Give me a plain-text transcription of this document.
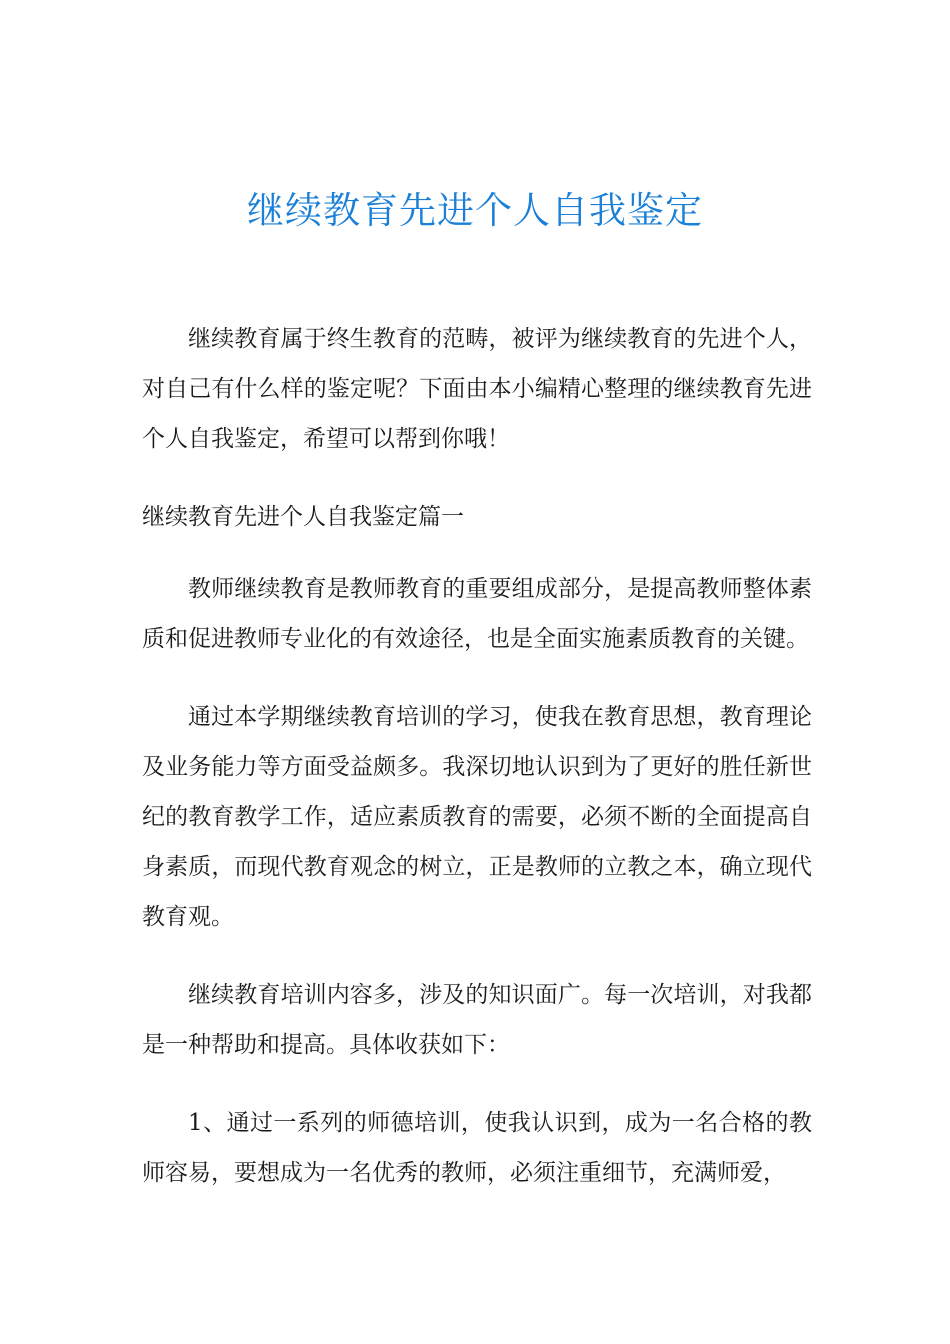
继续教育先进个人自我鉴定

继续教育属于终生教育的范畴，被评为继续教育的先进个人，对自己有什么样的鉴定呢？下面由本小编精心整理的继续教育先进个人自我鉴定，希望可以帮到你哦！

继续教育先进个人自我鉴定篇一

教师继续教育是教师教育的重要组成部分，是提高教师整体素质和促进教师专业化的有效途径，也是全面实施素质教育的关键。

通过本学期继续教育培训的学习，使我在教育思想，教育理论及业务能力等方面受益颇多。我深切地认识到为了更好的胜任新世纪的教育教学工作，适应素质教育的需要，必须不断的全面提高自身素质，而现代教育观念的树立，正是教师的立教之本，确立现代教育观。

继续教育培训内容多，涉及的知识面广。每一次培训，对我都是一种帮助和提高。具体收获如下：

1、通过一系列的师德培训，使我认识到，成为一名合格的教师容易，要想成为一名优秀的教师，必须注重细节，充满师爱，
